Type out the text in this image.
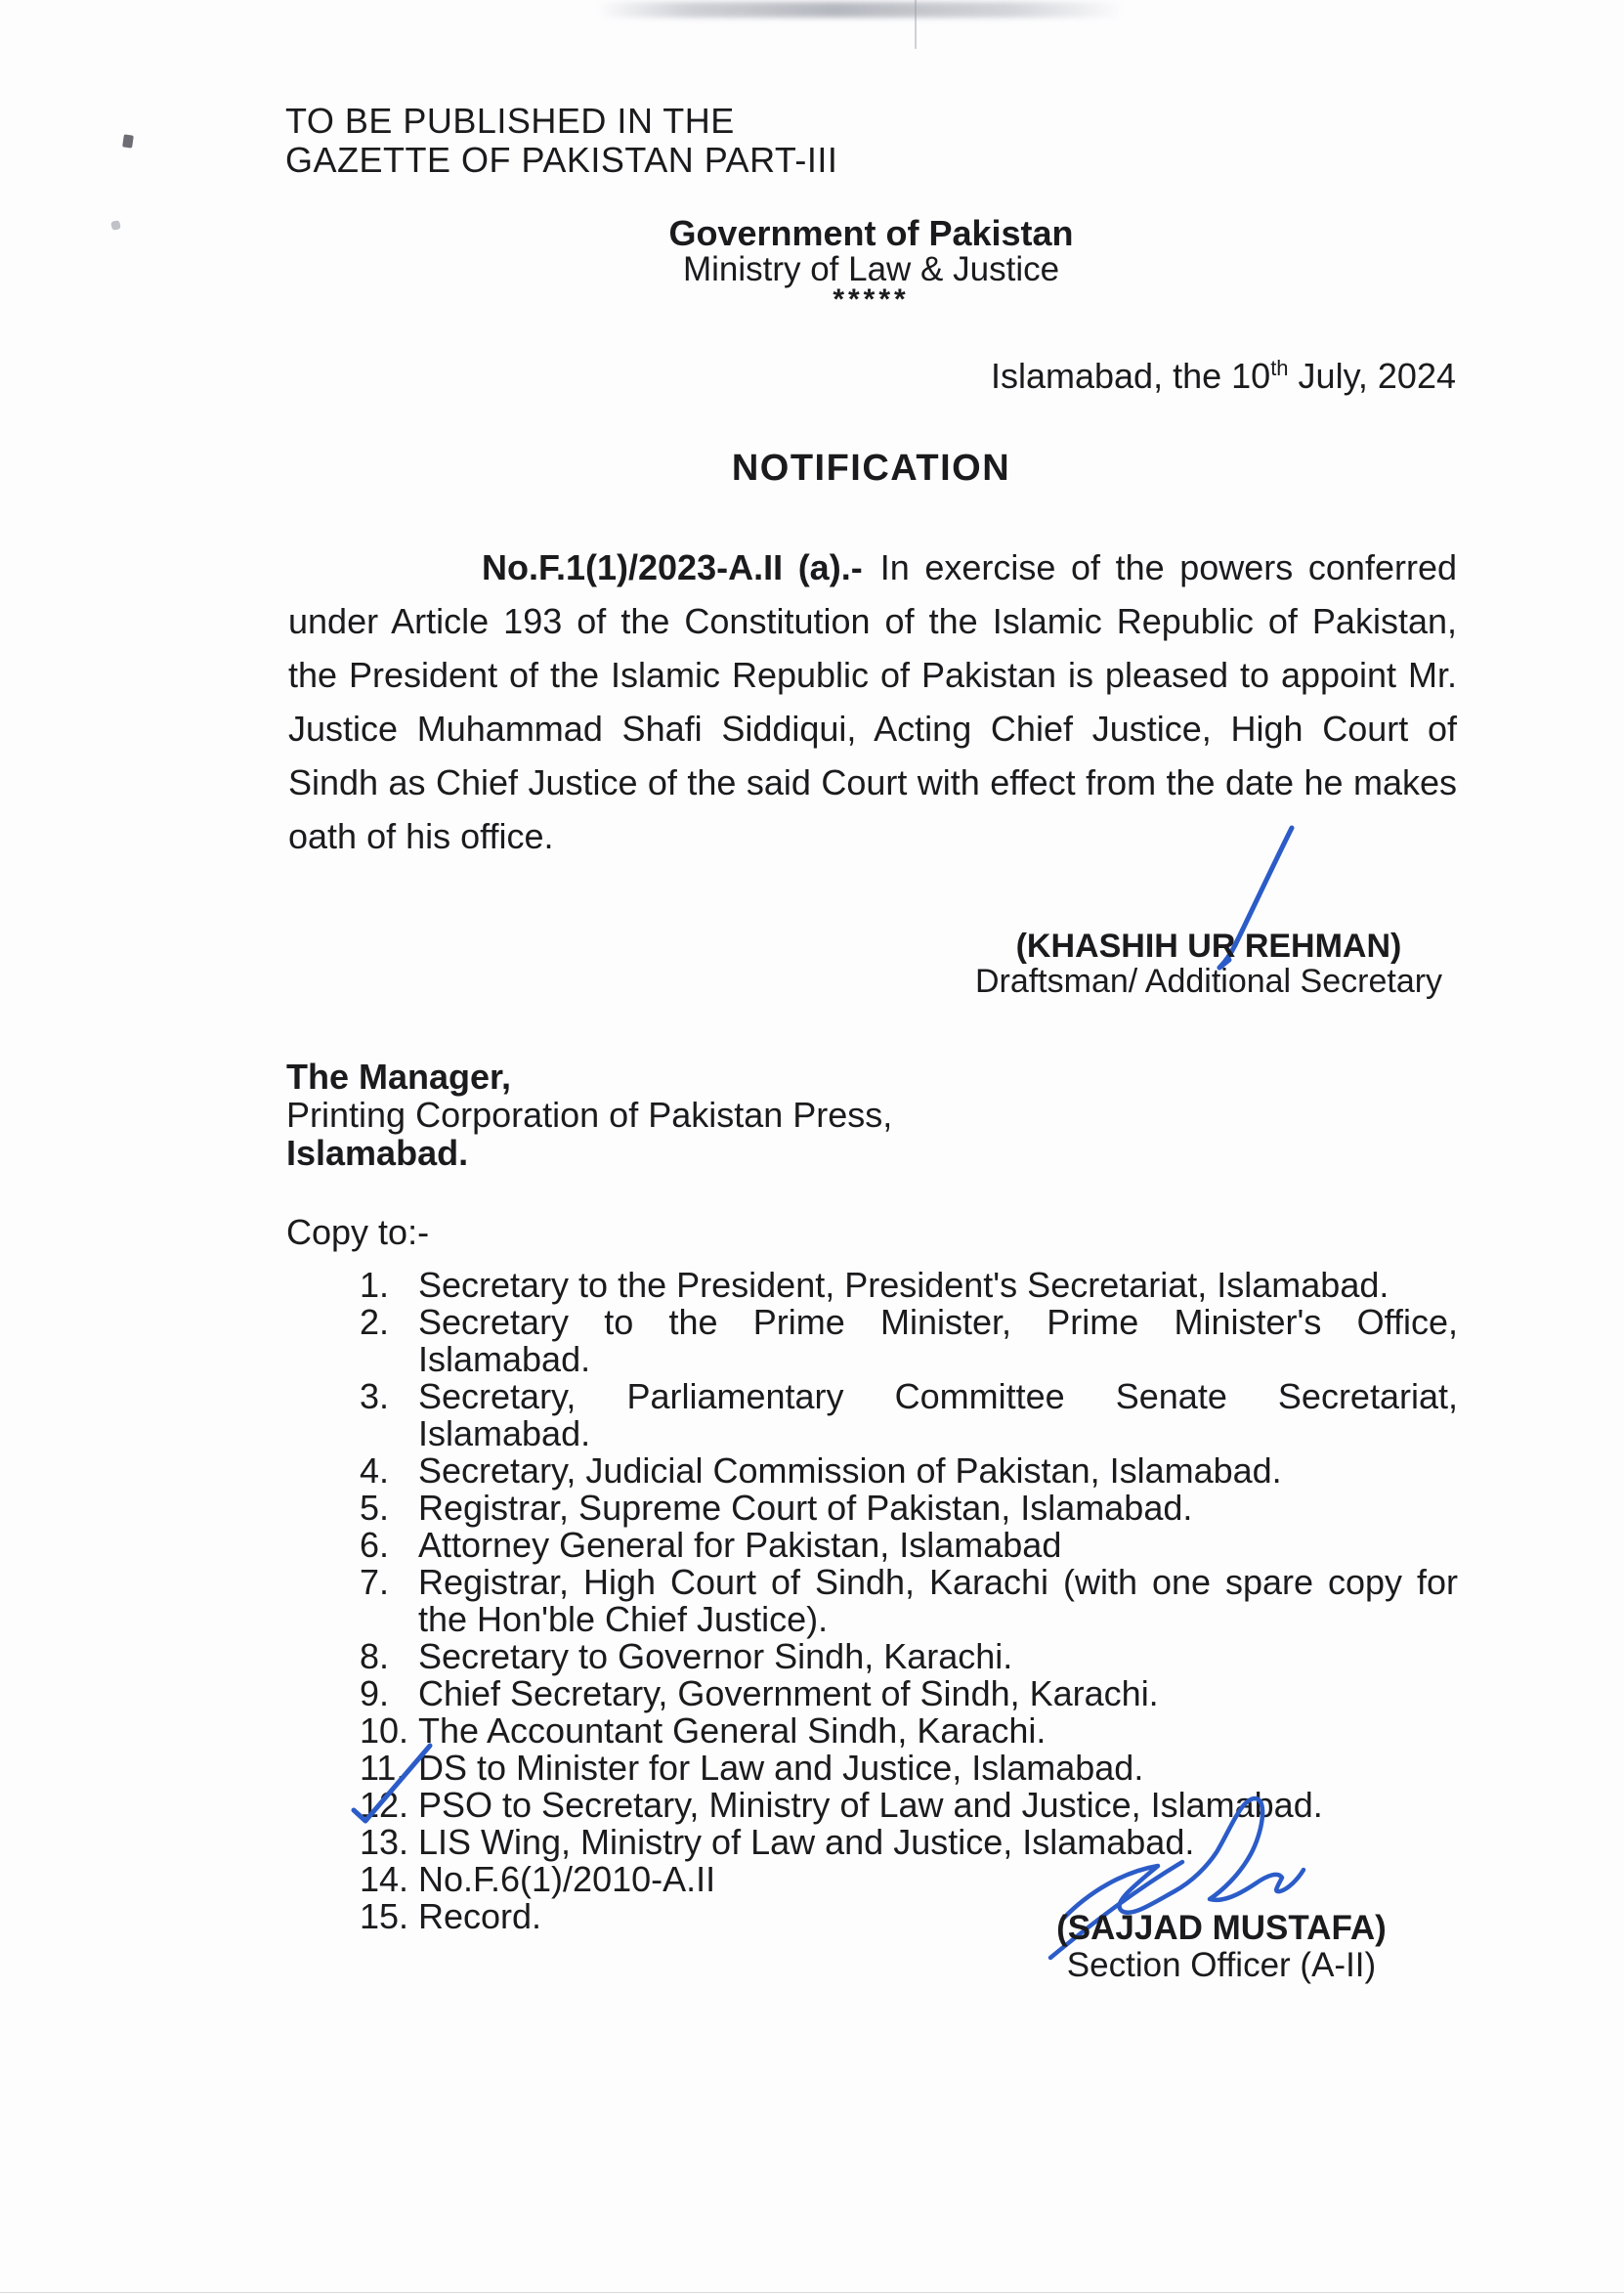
TO BE PUBLISHED IN THE
GAZETTE OF PAKISTAN PART-III
Government of Pakistan
Ministry of Law & Justice
*****
Islamabad, the 10th July, 2024
NOTIFICATION

No.F.1(1)/2023-A.II (a).- In exercise of the powers conferred under Article 193 of the Constitution of the Islamic Republic of Pakistan, the President of the Islamic Republic of Pakistan is pleased to appoint Mr. Justice Muhammad Shafi Siddiqui, Acting Chief Justice, High Court of Sindh as Chief Justice of the said Court with effect from the date he makes oath of his office.

(KHASHIH UR REHMAN)
Draftsman/ Additional Secretary
The Manager,
Printing Corporation of Pakistan Press,
Islamabad.
Copy to:-
1. Secretary to the President, President's Secretariat, Islamabad.
2. Secretary to the Prime Minister, Prime Minister's Office, Islamabad.
3. Secretary, Parliamentary Committee Senate Secretariat, Islamabad.
4. Secretary, Judicial Commission of Pakistan, Islamabad.
5. Registrar, Supreme Court of Pakistan, Islamabad.
6. Attorney General for Pakistan, Islamabad
7. Registrar, High Court of Sindh, Karachi (with one spare copy for the Hon'ble Chief Justice).
8. Secretary to Governor Sindh, Karachi.
9. Chief Secretary, Government of Sindh, Karachi.
10. The Accountant General Sindh, Karachi.
11. DS to Minister for Law and Justice, Islamabad.
12. PSO to Secretary, Ministry of Law and Justice, Islamabad.
13. LIS Wing, Ministry of Law and Justice, Islamabad.
14. No.F.6(1)/2010-A.II
15. Record.	(SAJJAD MUSTAFA)
Section Officer (A-II)
